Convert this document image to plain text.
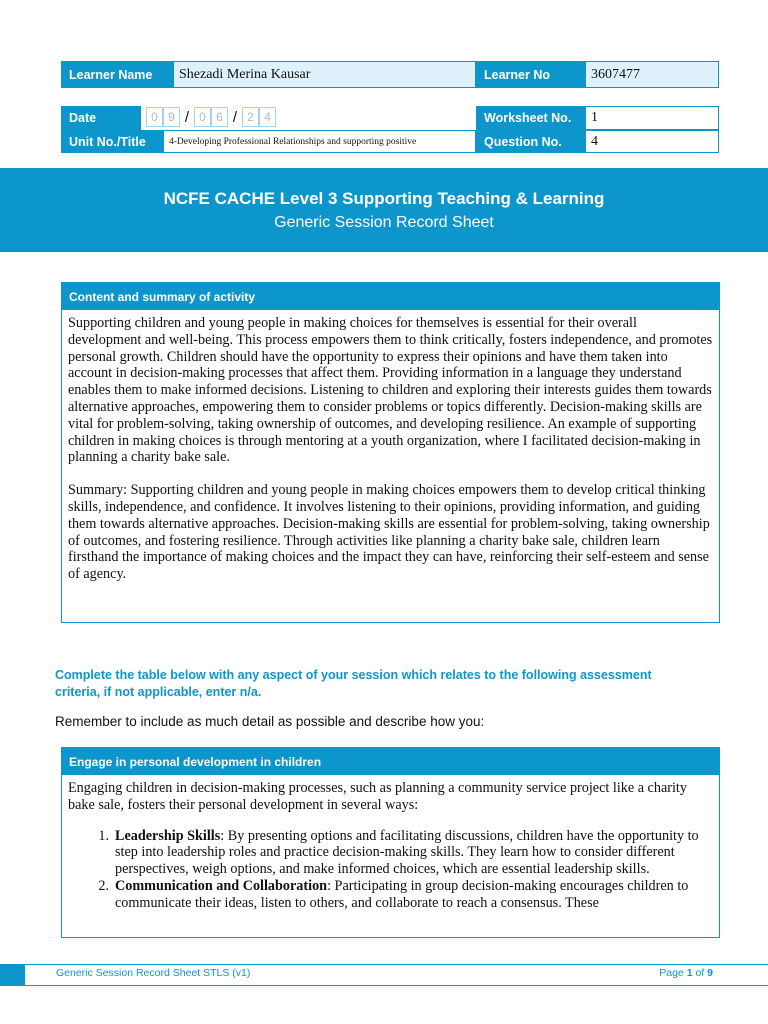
Learner Name	Shezadi Merina Kausar	Learner No	3607477
Date	0 9 / 0 6 / 2 4	Worksheet No.	1
Unit No./Title	4-Developing Professional Relationships and supporting positive	Question No.	4
NCFE CACHE Level 3 Supporting Teaching & Learning
Generic Session Record Sheet
Content and summary of activity

Supporting children and young people in making choices for themselves is essential for their overall development and well-being. This process empowers them to think critically, fosters independence, and promotes personal growth. Children should have the opportunity to express their opinions and have them taken into account in decision-making processes that affect them. Providing information in a language they understand enables them to make informed decisions. Listening to children and exploring their interests guides them towards alternative approaches, empowering them to consider problems or topics differently. Decision-making skills are vital for problem-solving, taking ownership of outcomes, and developing resilience. An example of supporting children in making choices is through mentoring at a youth organization, where I facilitated decision-making in planning a charity bake sale.

Summary: Supporting children and young people in making choices empowers them to develop critical thinking skills, independence, and confidence. It involves listening to their opinions, providing information, and guiding them towards alternative approaches. Decision-making skills are essential for problem-solving, taking ownership of outcomes, and fostering resilience. Through activities like planning a charity bake sale, children learn firsthand the importance of making choices and the impact they can have, reinforcing their self-esteem and sense of agency.

Complete the table below with any aspect of your session which relates to the following assessment criteria, if not applicable, enter n/a.
Remember to include as much detail as possible and describe how you:
Engage in personal development in children
Engaging children in decision-making processes, such as planning a community service project like a charity bake sale, fosters their personal development in several ways:
1. Leadership Skills: By presenting options and facilitating discussions, children have the opportunity to step into leadership roles and practice decision-making skills. They learn how to consider different perspectives, weigh options, and make informed choices, which are essential leadership skills.
2. Communication and Collaboration: Participating in group decision-making encourages children to communicate their ideas, listen to others, and collaborate to reach a consensus. These
Generic Session Record Sheet STLS (v1)	Page 1 of 9
